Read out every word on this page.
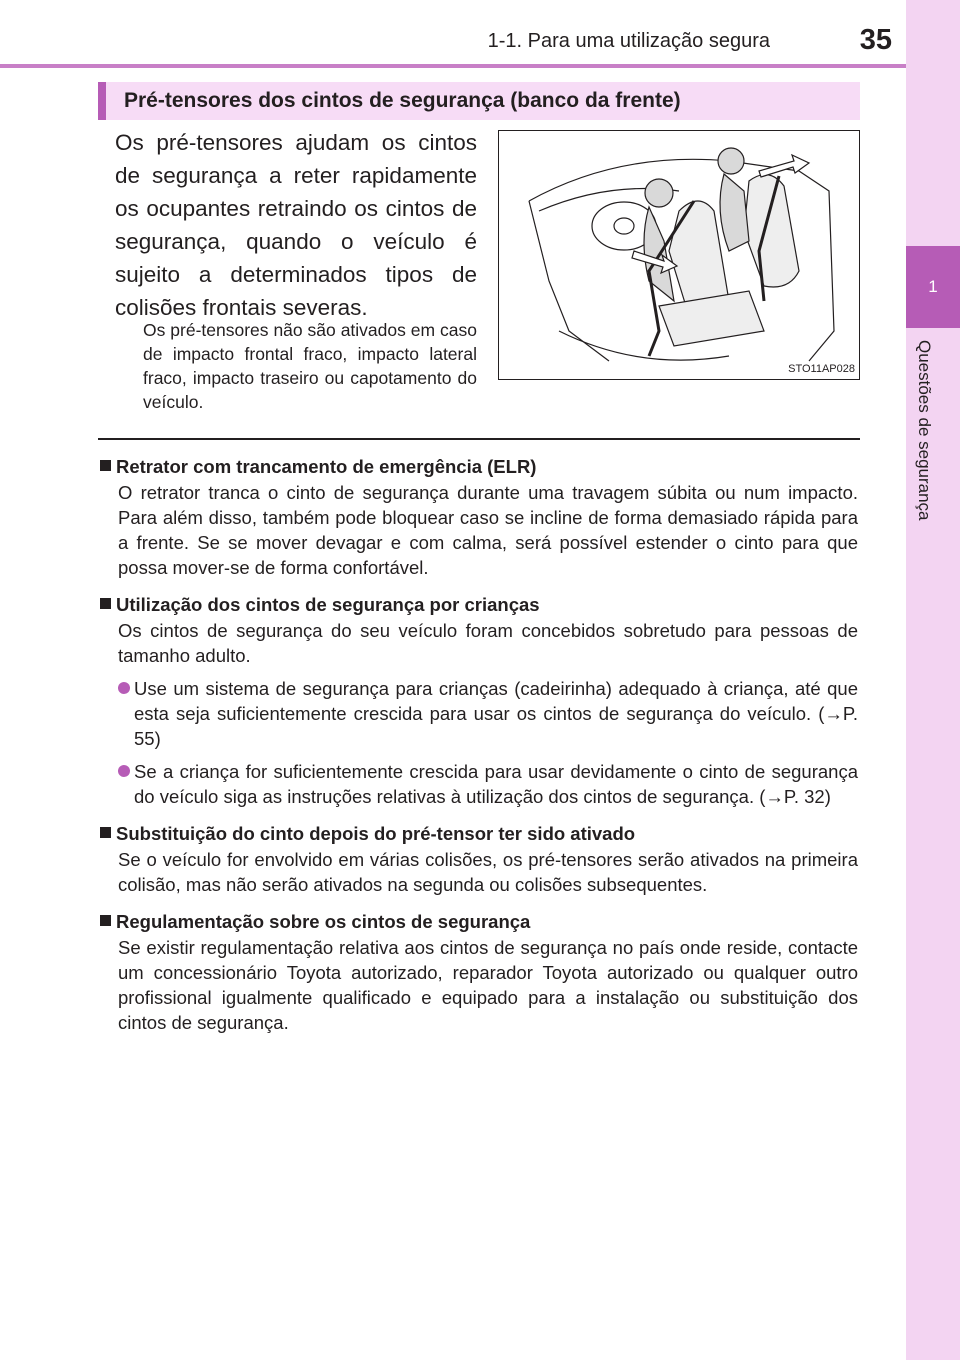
1-1. Para uma utilização segura	35
1
Questões de segurança
Pré-tensores dos cintos de segurança (banco da frente)
Os pré-tensores ajudam os cintos de segurança a reter rapidamente os ocupantes retraindo os cintos de segurança, quando o veículo é sujeito a determinados tipos de colisões frontais severas.
Os pré-tensores não são ativados em caso de impacto frontal fraco, impacto lateral fraco, impacto traseiro ou capotamento do veículo.
STO11AP028
Retrator com trancamento de emergência (ELR)
O retrator tranca o cinto de segurança durante uma travagem súbita ou num impacto. Para além disso, também pode bloquear caso se incline de forma demasiado rápida para a frente. Se se mover devagar e com calma, será possível estender o cinto para que possa mover-se de forma confortável.
Utilização dos cintos de segurança por crianças
Os cintos de segurança do seu veículo foram concebidos sobretudo para pessoas de tamanho adulto.
Use um sistema de segurança para crianças (cadeirinha) adequado à criança, até que esta seja suficientemente crescida para usar os cintos de segurança do veículo. (→P. 55)
Se a criança for suficientemente crescida para usar devidamente o cinto de segurança do veículo siga as instruções relativas à utilização dos cintos de segurança. (→P. 32)
Substituição do cinto depois do pré-tensor ter sido ativado
Se o veículo for envolvido em várias colisões, os pré-tensores serão ativados na primeira colisão, mas não serão ativados na segunda ou colisões subsequentes.
Regulamentação sobre os cintos de segurança
Se existir regulamentação relativa aos cintos de segurança no país onde reside, contacte um concessionário Toyota autorizado, reparador Toyota autorizado ou qualquer outro profissional igualmente qualificado e equipado para a instalação ou substituição dos cintos de segurança.
